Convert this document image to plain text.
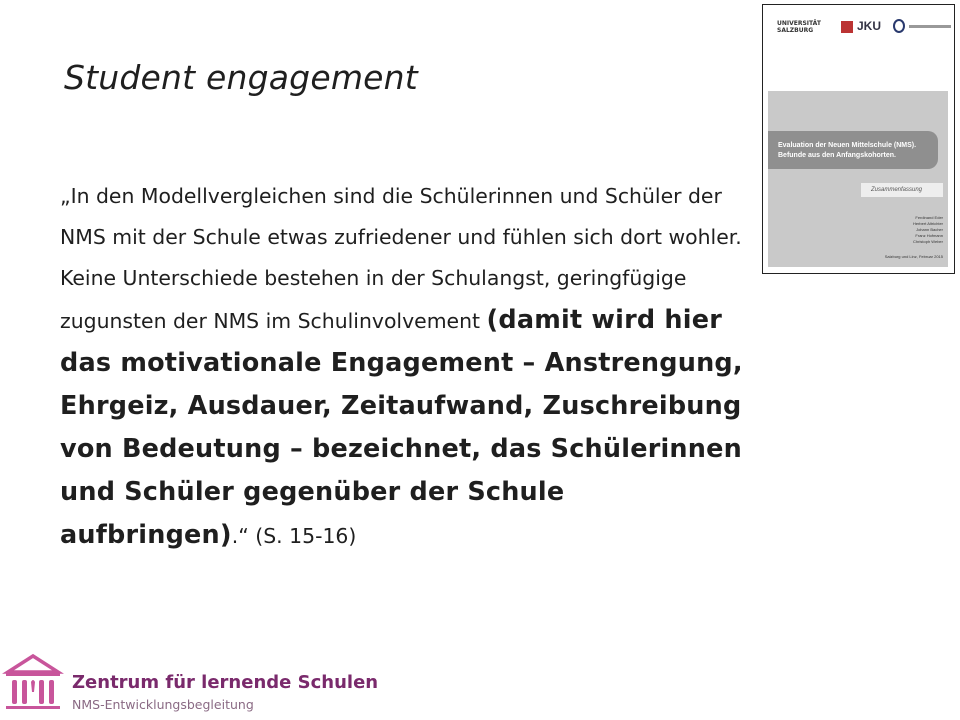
Student engagement
„In den Modellvergleichen sind die Schülerinnen und Schüler der NMS mit der Schule etwas zufriedener und fühlen sich dort wohler. Keine Unterschiede bestehen in der Schulangst, geringfügige zugunsten der NMS im Schulinvolvement (damit wird hier das motivationale Engagement – Anstrengung, Ehrgeiz, Ausdauer, Zeitaufwand, Zuschreibung von Bedeutung – bezeichnet, das Schülerinnen und Schüler gegenüber der Schule aufbringen).“ (S. 15-16)
UNIVERSITÄT
SALZBURG	JKU
Evaluation der Neuen Mittelschule (NMS).
Befunde aus den Anfangskohorten.
Zusammenfassung
Ferdinand Eder
Herbert Altrichter
Johann Bacher
Franz Hofmann
Christoph Weber
Salzburg und Linz, Februar 2015
Zentrum für lernende Schulen
NMS-Entwicklungsbegleitung
